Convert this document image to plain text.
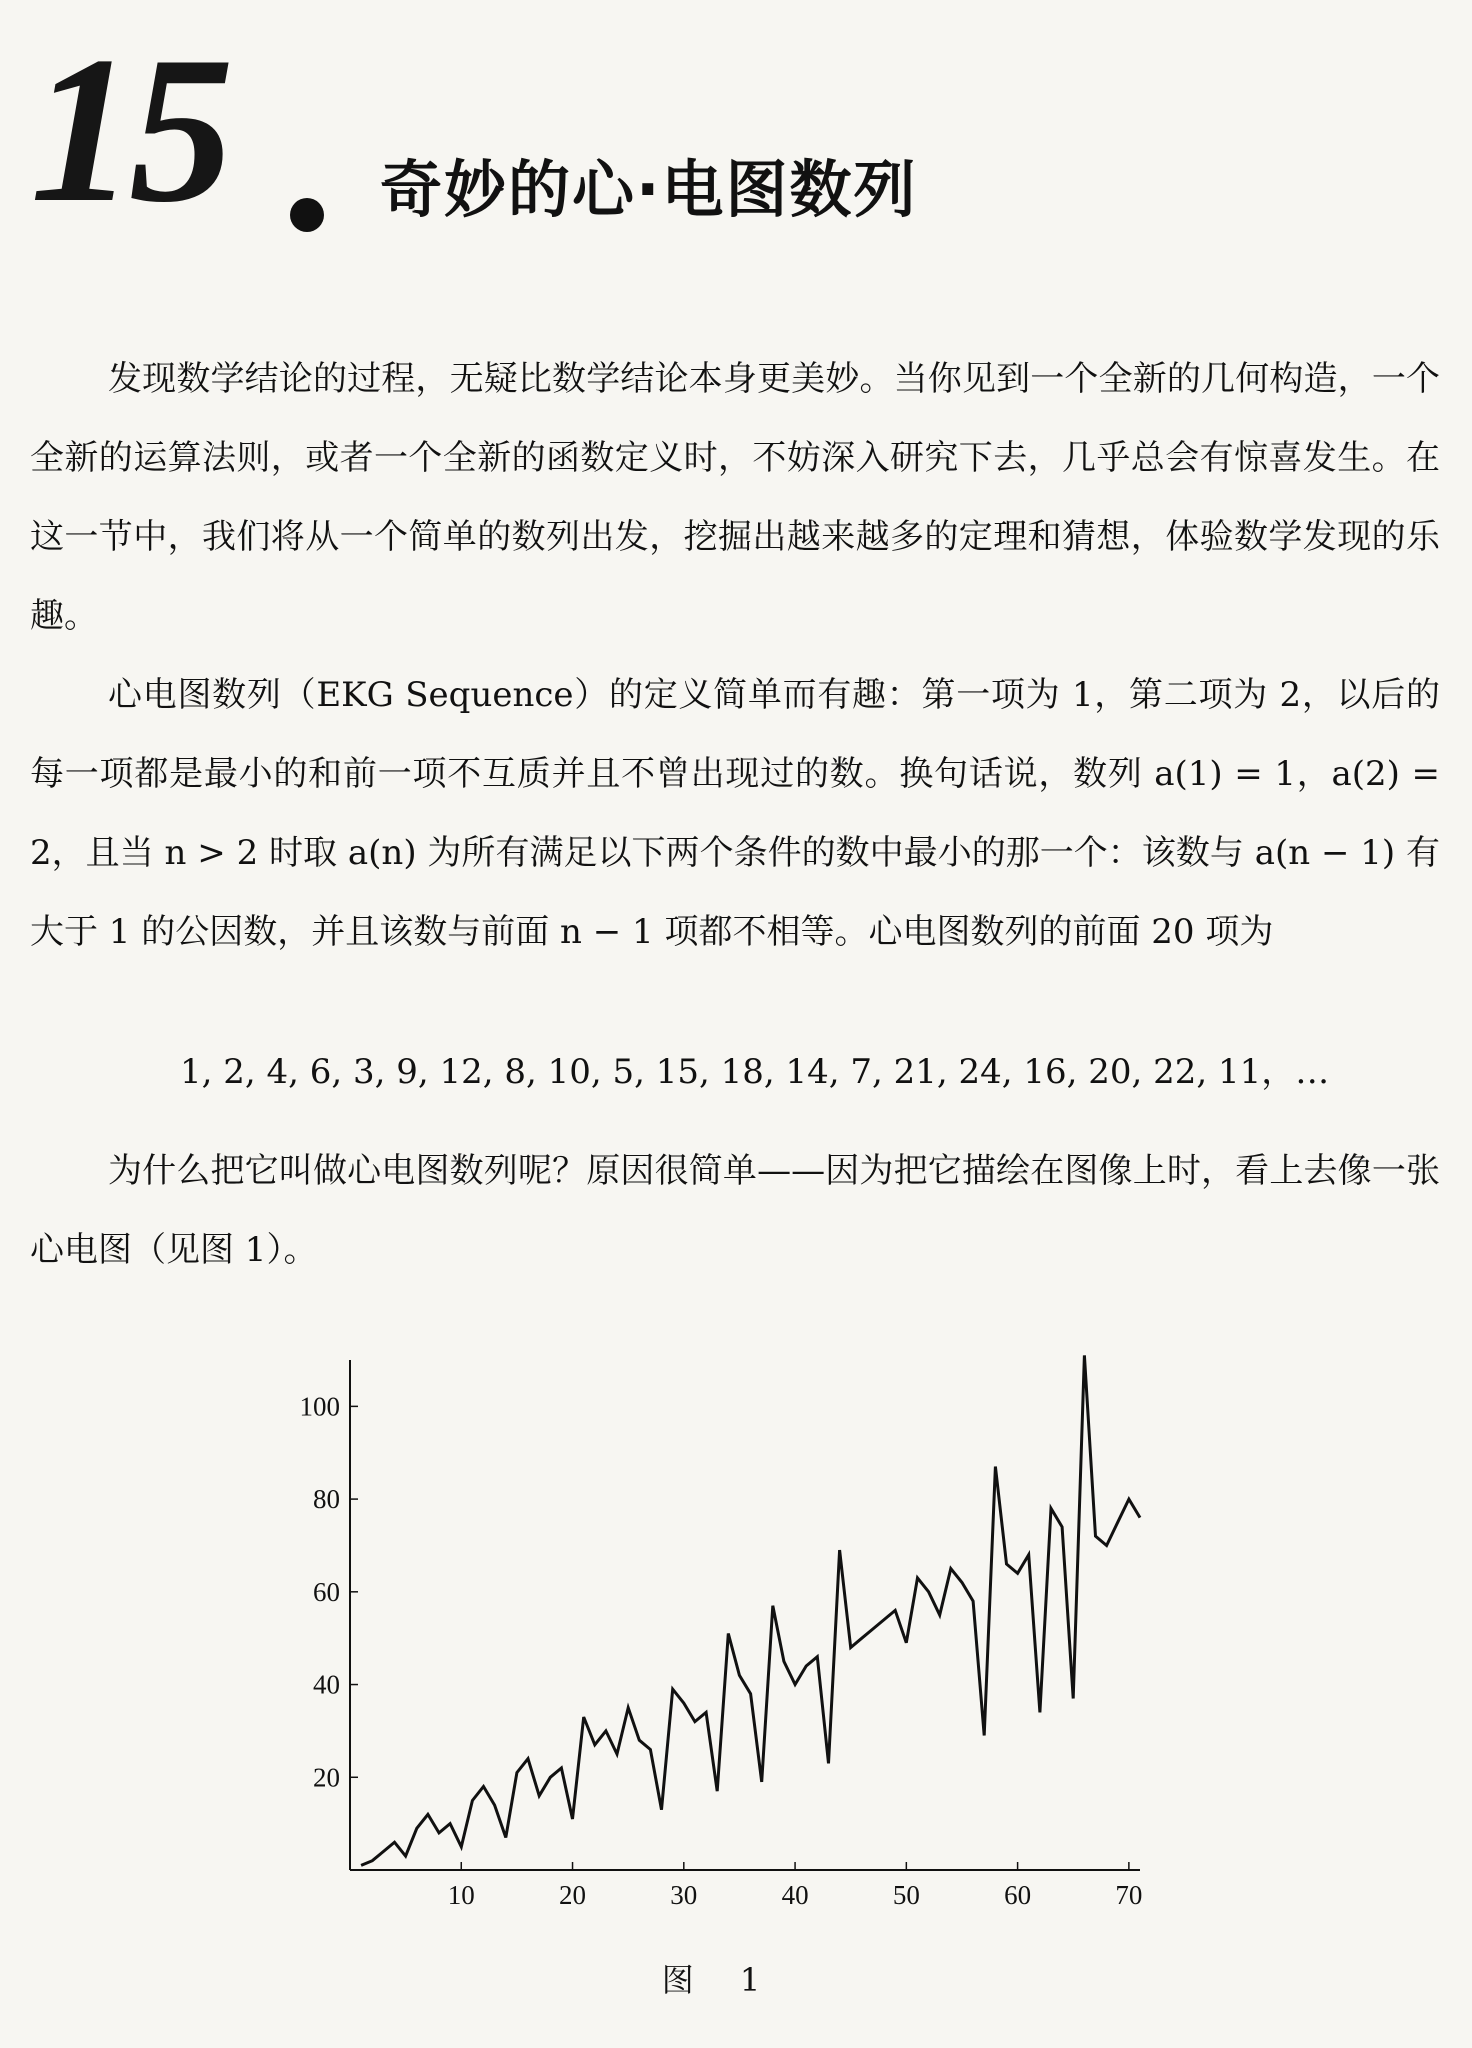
15 奇妙的心·电图数列

发现数学结论的过程，无疑比数学结论本身更美妙。当你见到一个全新的几何构造，一个全新的运算法则，或者一个全新的函数定义时，不妨深入研究下去，几乎总会有惊喜发生。在这一节中，我们将从一个简单的数列出发，挖掘出越来越多的定理和猜想，体验数学发现的乐趣。

心电图数列（EKG Sequence）的定义简单而有趣：第一项为 1，第二项为 2，以后的每一项都是最小的和前一项不互质并且不曾出现过的数。换句话说，数列 a(1) = 1，a(2) = 2，且当 n > 2 时取 a(n) 为所有满足以下两个条件的数中最小的那一个：该数与 a(n − 1) 有大于 1 的公因数，并且该数与前面 n − 1 项都不相等。心电图数列的前面 20 项为

1, 2, 4, 6, 3, 9, 12, 8, 10, 5, 15, 18, 14, 7, 21, 24, 16, 20, 22, 11，…

为什么把它叫做心电图数列呢？原因很简单——因为把它描绘在图像上时，看上去像一张心电图（见图 1）。

10	20	30	40	50	60	70
20
40
60
80
100
图 1
